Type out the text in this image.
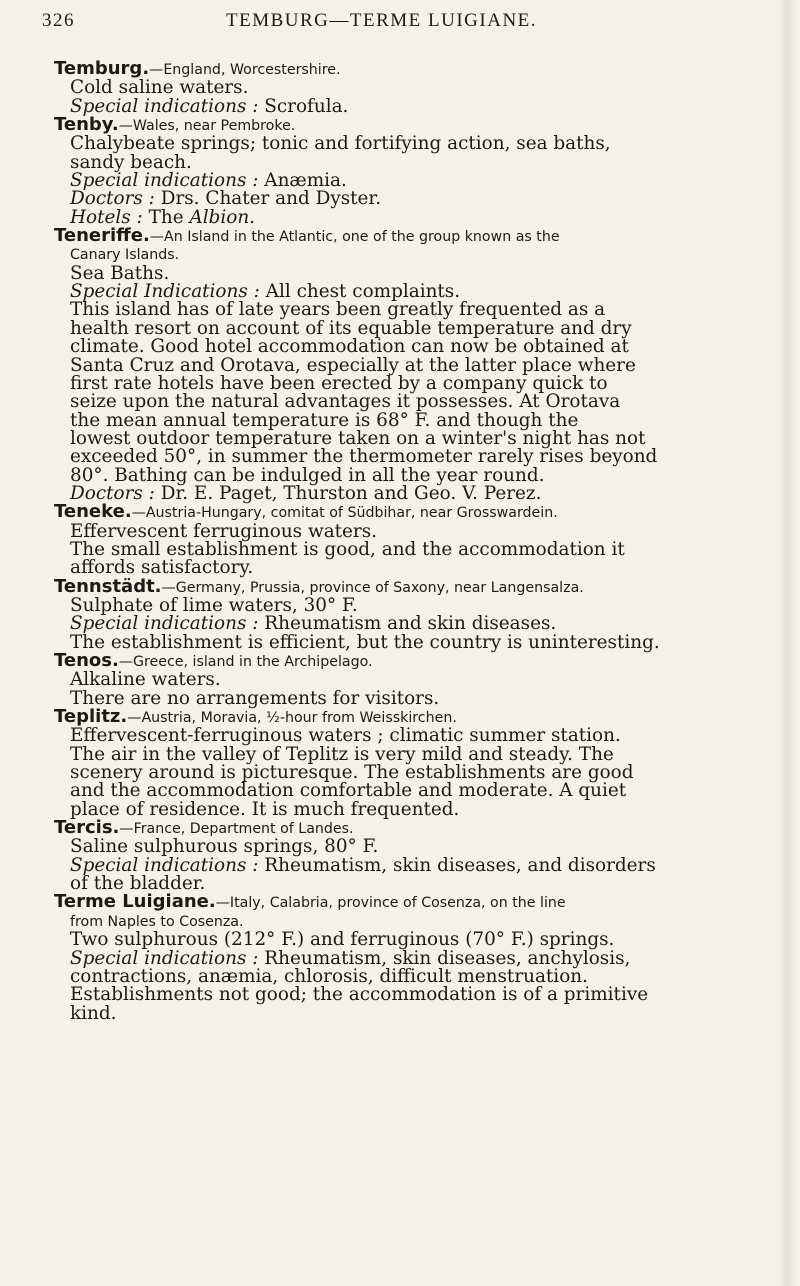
326	TEMBURG—TERME LUIGIANE.
Temburg.—England, Worcestershire.
Cold saline waters.
Special indications : Scrofula.
Tenby.—Wales, near Pembroke.
Chalybeate springs; tonic and fortifying action, sea baths,
sandy beach.
Special indications : Anæmia.
Doctors : Drs. Chater and Dyster.
Hotels : The Albion.
Teneriffe.—An Island in the Atlantic, one of the group known as the
Canary Islands.
Sea Baths.
Special Indications : All chest complaints.
This island has of late years been greatly frequented as a
health resort on account of its equable temperature and dry
climate. Good hotel accommodation can now be obtained at
Santa Cruz and Orotava, especially at the latter place where
first rate hotels have been erected by a company quick to
seize upon the natural advantages it possesses. At Orotava
the mean annual temperature is 68° F. and though the
lowest outdoor temperature taken on a winter's night has not
exceeded 50°, in summer the thermometer rarely rises beyond
80°. Bathing can be indulged in all the year round.
Doctors : Dr. E. Paget, Thurston and Geo. V. Perez.
Teneke.—Austria-Hungary, comitat of Südbihar, near Grosswardein.
Effervescent ferruginous waters.
The small establishment is good, and the accommodation it
affords satisfactory.
Tennstädt.—Germany, Prussia, province of Saxony, near Langensalza.
Sulphate of lime waters, 30° F.
Special indications : Rheumatism and skin diseases.
The establishment is efficient, but the country is uninteresting.
Tenos.—Greece, island in the Archipelago.
Alkaline waters.
There are no arrangements for visitors.
Teplitz.—Austria, Moravia, ½-hour from Weisskirchen.
Effervescent-ferruginous waters ; climatic summer station.
The air in the valley of Teplitz is very mild and steady. The
scenery around is picturesque. The establishments are good
and the accommodation comfortable and moderate. A quiet
place of residence. It is much frequented.
Tercis.—France, Department of Landes.
Saline sulphurous springs, 80° F.
Special indications : Rheumatism, skin diseases, and disorders
of the bladder.
Terme Luigiane.—Italy, Calabria, province of Cosenza, on the line
from Naples to Cosenza.
Two sulphurous (212° F.) and ferruginous (70° F.) springs.
Special indications : Rheumatism, skin diseases, anchylosis,
contractions, anæmia, chlorosis, difficult menstruation.
Establishments not good; the accommodation is of a primitive
kind.
